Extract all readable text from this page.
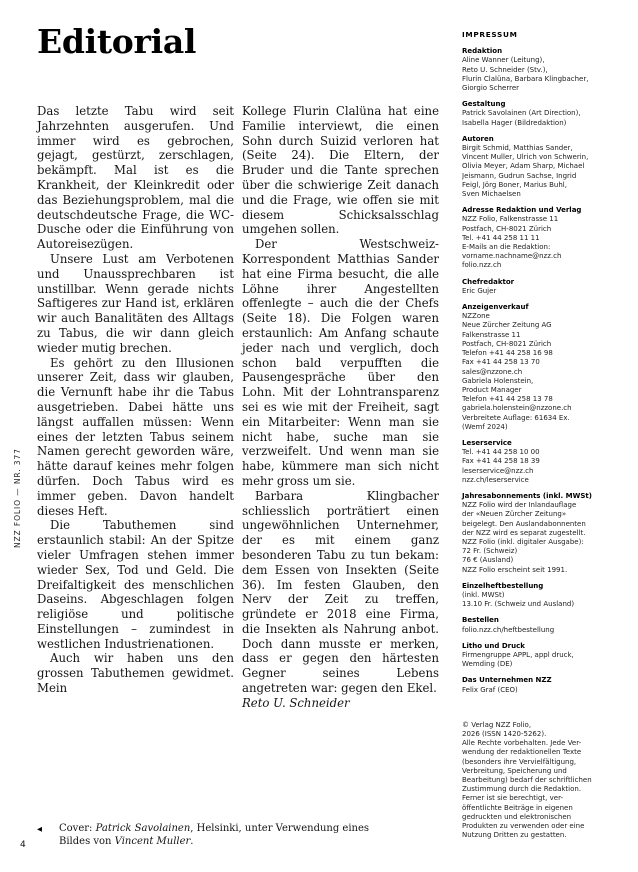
NZZ FOLIO — NR. 377
Editorial

Das letzte Tabu wird seit Jahrzehnten ausgerufen. Und immer wird es gebrochen, gejagt, gestürzt, zerschlagen, bekämpft. Mal ist es die Krankheit, der Kleinkredit oder das Beziehungsproblem, mal die deutschdeutsche Frage, die WC-Dusche oder die Einführung von Autoreisezügen.

Unsere Lust am Verbotenen und Unaussprechbaren ist unstillbar. Wenn gerade nichts Saftigeres zur Hand ist, erklären wir auch Banalitäten des Alltags zu Tabus, die wir dann gleich wieder mutig brechen.

Es gehört zu den Illusionen unserer Zeit, dass wir glauben, die Vernunft habe ihr die Tabus ausgetrieben. Dabei hätte uns längst auffallen müssen: Wenn eines der letzten Tabus seinem Namen gerecht geworden wäre, hätte darauf keines mehr folgen dürfen. Doch Tabus wird es immer geben. Davon handelt dieses Heft.

Die Tabuthemen sind erstaunlich stabil: An der Spitze vieler Umfragen stehen immer wieder Sex, Tod und Geld. Die Dreifaltigkeit des menschlichen Daseins. Abgeschlagen folgen religiöse und politische Einstellungen – zumindest in westlichen Industrienationen.

Auch wir haben uns den grossen Tabuthemen gewidmet. Mein

Kollege Flurin Clalüna hat eine Familie interviewt, die einen Sohn durch Suizid verloren hat (Seite 24). Die Eltern, der Bruder und die Tante sprechen über die schwierige Zeit danach und die Frage, wie offen sie mit diesem Schicksalsschlag umgehen sollen.

Der Westschweiz-Korrespondent Matthias Sander hat eine Firma besucht, die alle Löhne ihrer Angestellten offenlegte – auch die der Chefs (Seite 18). Die Folgen waren erstaunlich: Am Anfang schaute jeder nach und verglich, doch schon bald verpufften die Pausengespräche über den Lohn. Mit der Lohntransparenz sei es wie mit der Freiheit, sagt ein Mitarbeiter: Wenn man sie nicht habe, suche man sie verzweifelt. Und wenn man sie habe, kümmere man sich nicht mehr gross um sie.

Barbara Klingbacher schliesslich porträtiert einen ungewöhnlichen Unternehmer, der es mit einem ganz besonderen Tabu zu tun bekam: dem Essen von Insekten (Seite 36). Im festen Glauben, den Nerv der Zeit zu treffen, gründete er 2018 eine Firma, die Insekten als Nahrung anbot. Doch dann musste er merken, dass er gegen den härtesten Gegner seines Lebens angetreten war: gegen den Ekel.

Reto U. Schneider

IMPRESSUM
Redaktion
Aline Wanner (Leitung),
Reto U. Schneider (Stv.),
Flurin Clalüna, Barbara Klingbacher,
Giorgio Scherrer
Gestaltung
Patrick Savolainen (Art Direction),
Isabella Hager (Bildredaktion)
Autoren
Birgit Schmid, Matthias Sander,
Vincent Muller, Ulrich von Schwerin,
Olivia Meyer, Adam Sharp, Michael
Jeismann, Gudrun Sachse, Ingrid
Feigl, Jörg Boner, Marius Buhl,
Sven Michaelsen
Adresse Redaktion und Verlag
NZZ Folio, Falkenstrasse 11
Postfach, CH-8021 Zürich
Tel. +41 44 258 11 11
E-Mails an die Redaktion:
vorname.nachname@nzz.ch
folio.nzz.ch
Chefredaktor
Eric Gujer
Anzeigenverkauf
NZZone
Neue Zürcher Zeitung AG
Falkenstrasse 11
Postfach, CH-8021 Zürich
Telefon +41 44 258 16 98
Fax +41 44 258 13 70
sales@nzzone.ch
Gabriela Holenstein,
Product Manager
Telefon +41 44 258 13 78
gabriela.holenstein@nzzone.ch
Verbreitete Auflage: 61634 Ex.
(Wemf 2024)
Leserservice
Tel. +41 44 258 10 00
Fax +41 44 258 18 39
leserservice@nzz.ch
nzz.ch/leserservice
Jahresabonnements (inkl. MWSt)
NZZ Folio wird der Inlandauflage
der «Neuen Zürcher Zeitung»
beigelegt. Den Auslandabonnenten
der NZZ wird es separat zugestellt.
NZZ Folio (inkl. digitaler Ausgabe):
72 Fr. (Schweiz)
76 € (Ausland)
NZZ Folio erscheint seit 1991.
Einzelheftbestellung
(inkl. MWSt)
13.10 Fr. (Schweiz und Ausland)
Bestellen
folio.nzz.ch/heftbestellung
Litho und Druck
Firmengruppe APPL, appl druck,
Wemding (DE)
Das Unternehmen NZZ
Felix Graf (CEO)
© Verlag NZZ Folio,
2026 (ISSN 1420-5262).
Alle Rechte vorbehalten. Jede Ver-
wendung der redaktionellen Texte
(besonders ihre Vervielfältigung,
Verbreitung, Speicherung und
Bearbeitung) bedarf der schriftlichen
Zustimmung durch die Redaktion.
Ferner ist sie berechtigt, ver-
öffentlichte Beiträge in eigenen
gedruckten und elektronischen
Produkten zu verwenden oder eine
Nutzung Dritten zu gestatten.
◀ Cover: Patrick Savolainen, Helsinki, unter Verwendung eines Bildes von Vincent Muller.
4
